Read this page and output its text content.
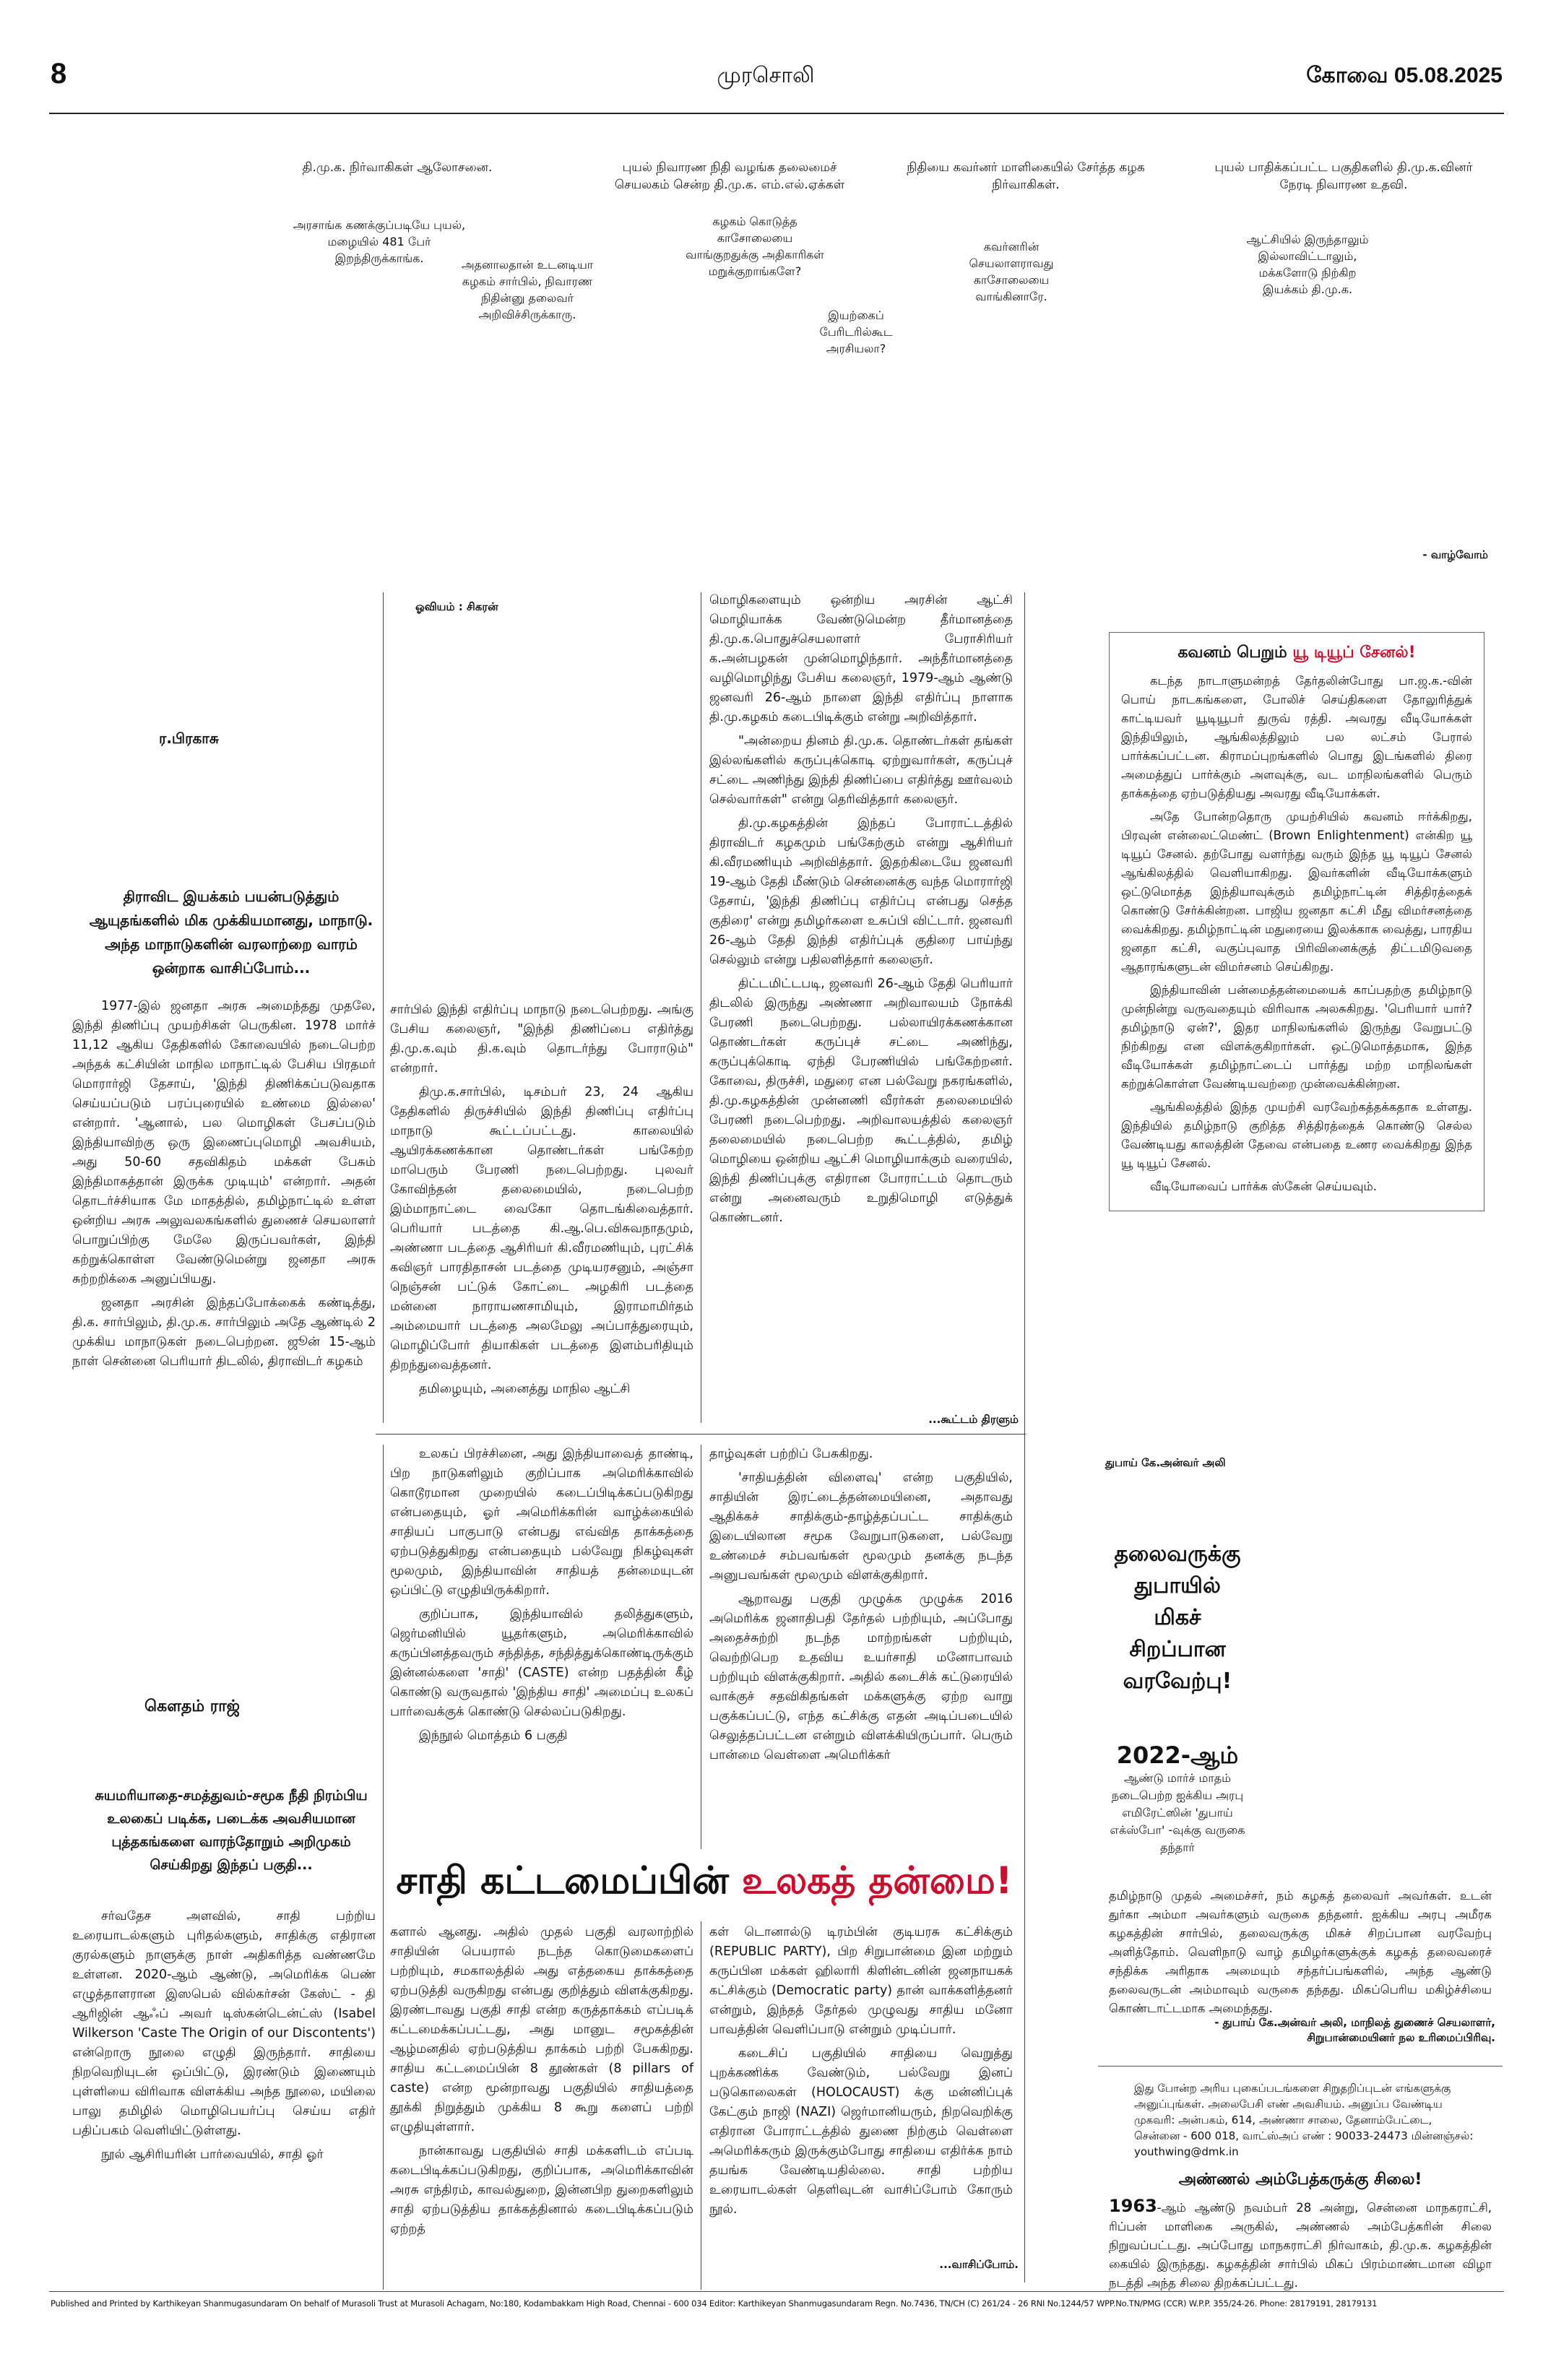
8	முரசொலி	கோவை 05.08.2025
தி.மு.க. நிர்வாகிகள் ஆலோசனை.	புயல் நிவாரண நிதி வழங்க தலைமைச் செயலகம் சென்ற தி.மு.க. எம்.எல்.ஏக்கள்
நிதியை கவர்னர் மாளிகையில் சேர்த்த கழக நிர்வாகிகள்.
புயல் பாதிக்கப்பட்ட பகுதிகளில் தி.மு.க.வினர் நேரடி நிவாரண உதவி.
அரசாங்க கணக்குப்படியே புயல், மழையில் 481 பேர் இறந்திருக்காங்க.	அதனாலதான் உடனடியா கழகம் சார்பில், நிவாரண நிதின்னு தலைவர் அறிவிச்சிருக்காரு.
கழகம் கொடுத்த காசோலையை வாங்குறதுக்கு அதிகாரிகள் மறுக்குறாங்களே?
இயற்கைப் பேரிடரில்கூட அரசியலா?
கவர்னரின் செயலாளராவது காசோலையை வாங்கினாரே.
ஆட்சியில் இருந்தாலும் இல்லாவிட்டாலும், மக்களோடு நிற்கிற இயக்கம் தி.மு.க.
- வாழ்வோம்
ஓவியம் : சிகரன்
ர.பிரகாசு
திராவிட இயக்கம் பயன்படுத்தும் ஆயுதங்களில் மிக முக்கியமானது, மாநாடு. அந்த மாநாடுகளின் வரலாற்றை வாரம் ஒன்றாக வாசிப்போம்...

1977-இல் ஜனதா அரசு அமைந்தது முதலே, இந்தி திணிப்பு முயற்சிகள் பெருகின. 1978 மார்ச் 11,12 ஆகிய தேதிகளில் கோவையில் நடைபெற்ற அந்தக் கட்சியின் மாநில மாநாட்டில் பேசிய பிரதமர் மொரார்ஜி தேசாய், 'இந்தி திணிக்கப்படுவதாக செய்யப்படும் பரப்புரையில் உண்மை இல்லை' என்றார். 'ஆனால், பல மொழிகள் பேசப்படும் இந்தியாவிற்கு ஒரு இணைப்புமொழி அவசியம், அது 50-60 சதவிகிதம் மக்கள் பேசும் இந்திமாகத்தான் இருக்க முடியும்' என்றார். அதன் தொடர்ச்சியாக மே மாதத்தில், தமிழ்நாட்டில் உள்ள ஒன்றிய அரசு அலுவலகங்களில் துணைச் செயலாளர் பொறுப்பிற்கு மேலே இருப்பவர்கள், இந்தி கற்றுக்கொள்ள வேண்டுமென்று ஜனதா அரசு சுற்றறிக்கை அனுப்பியது.

ஜனதா அரசின் இந்தப்போக்கைக் கண்டித்து, தி.க. சார்பிலும், தி.மு.க. சார்பிலும் அதே ஆண்டில் 2 முக்கிய மாநாடுகள் நடைபெற்றன. ஜூன் 15-ஆம் நாள் சென்னை பெரியார் திடலில், திராவிடர் கழகம்

சார்பில் இந்தி எதிர்ப்பு மாநாடு நடைபெற்றது. அங்கு பேசிய கலைஞர், "இந்தி திணிப்பை எதிர்த்து தி.மு.க.வும் தி.க.வும் தொடர்ந்து போராடும்" என்றார்.

திமு.க.சார்பில், டிசம்பர் 23, 24 ஆகிய தேதிகளில் திருச்சியில் இந்தி திணிப்பு எதிர்ப்பு மாநாடு கூட்டப்பட்டது. காலையில் ஆயிரக்கணக்கான தொண்டர்கள் பங்கேற்ற மாபெரும் பேரணி நடைபெற்றது. புலவர் கோவிந்தன் தலைமையில், நடைபெற்ற இம்மாநாட்டை வைகோ தொடங்கிவைத்தார். பெரியார் படத்தை கி.ஆ.பெ.விசுவநாதமும், அண்ணா படத்தை ஆசிரியர் கி.வீரமணியும், புரட்சிக் கவிஞர் பாரதிதாசன் படத்தை முடியரசனும், அஞ்சா நெஞ்சன் பட்டுக் கோட்டை அழகிரி படத்தை மன்னை நாராயணசாமியும், இராமாமிர்தம் அம்மையார் படத்தை அலமேலு அப்பாத்துரையும், மொழிப்போர் தியாகிகள் படத்தை இளம்பரிதியும் திறந்துவைத்தனர்.

தமிழையும், அனைத்து மாநில ஆட்சி

மொழிகளையும் ஒன்றிய அரசின் ஆட்சி மொழியாக்க வேண்டுமென்ற தீர்மானத்தை தி.மு.க.பொதுச்செயலாளர் பேராசிரியர் க.அன்பழகன் முன்மொழிந்தார். அந்தீர்மானத்தை வழிமொழிந்து பேசிய கலைஞர், 1979-ஆம் ஆண்டு ஜனவரி 26-ஆம் நாளை இந்தி எதிர்ப்பு நாளாக தி.மு.கழகம் கடைபிடிக்கும் என்று அறிவித்தார்.

"அன்றைய தினம் தி.மு.க. தொண்டர்கள் தங்கள் இல்லங்களில் கருப்புக்கொடி ஏற்றுவார்கள், கருப்புச் சட்டை அணிந்து இந்தி திணிப்பை எதிர்த்து ஊர்வலம் செல்வார்கள்" என்று தெரிவித்தார் கலைஞர்.

தி.மு.கழகத்தின் இந்தப் போராட்டத்தில் திராவிடர் கழகமும் பங்கேற்கும் என்று ஆசிரியர் கி.வீரமணியும் அறிவித்தார். இதற்கிடையே ஜனவரி 19-ஆம் தேதி மீண்டும் சென்னைக்கு வந்த மொரார்ஜி தேசாய், 'இந்தி திணிப்பு எதிர்ப்பு என்பது செத்த குதிரை' என்று தமிழர்களை உசுப்பி விட்டார். ஜனவரி 26-ஆம் தேதி இந்தி எதிர்ப்புக் குதிரை பாய்ந்து செல்லும் என்று பதிலளித்தார் கலைஞர்.

திட்டமிட்டபடி, ஜனவரி 26-ஆம் தேதி பெரியார் திடலில் இருந்து அண்ணா அறிவாலயம் நோக்கி பேரணி நடைபெற்றது. பல்லாயிரக்கணக்கான தொண்டர்கள் கருப்புச் சட்டை அணிந்து, கருப்புக்கொடி ஏந்தி பேரணியில் பங்கேற்றனர். கோவை, திருச்சி, மதுரை என பல்வேறு நகரங்களில், தி.மு.கழகத்தின் முன்னணி வீரர்கள் தலைமையில் பேரணி நடைபெற்றது. அறிவாலயத்தில் கலைஞர் தலைமையில் நடைபெற்ற கூட்டத்தில், தமிழ் மொழியை ஒன்றிய ஆட்சி மொழியாக்கும் வரையில், இந்தி திணிப்புக்கு எதிரான போராட்டம் தொடரும் என்று அனைவரும் உறுதிமொழி எடுத்துக் கொண்டனர்.

...கூட்டம் திரளும்
கவனம் பெறும் யூ டியூப் சேனல்!

கடந்த நாடாளுமன்றத் தேர்தலின்போது பா.ஜ.க.-வின் பொய் நாடகங்களை, போலிச் செய்திகளை தோலுரித்துக் காட்டியவர் யூடியூபர் துருவ் ரத்தி. அவரது வீடியோக்கள் இந்தியிலும், ஆங்கிலத்திலும் பல லட்சம் பேரால் பார்க்கப்பட்டன. கிராமப்புறங்களில் பொது இடங்களில் திரை அமைத்துப் பார்க்கும் அளவுக்கு, வட மாநிலங்களில் பெரும் தாக்கத்தை ஏற்படுத்தியது அவரது வீடியோக்கள்.

அதே போன்றதொரு முயற்சியில் கவனம் ஈர்க்கிறது, பிரவுன் என்லைட்மெண்ட் (Brown Enlightenment) என்கிற யூ டியூப் சேனல். தற்போது வளர்ந்து வரும் இந்த யூ டியூப் சேனல் ஆங்கிலத்தில் வெளியாகிறது. இவர்களின் வீடியோக்களும் ஒட்டுமொத்த இந்தியாவுக்கும் தமிழ்நாட்டின் சித்திரத்தைக் கொண்டு சேர்க்கின்றன. பாஜிய ஜனதா கட்சி மீது விமர்சனத்தை வைக்கிறது. தமிழ்நாட்டின் மதுரையை இலக்காக வைத்து, பாரதிய ஜனதா கட்சி, வகுப்புவாத பிரிவினைக்குத் திட்டமிடுவதை ஆதாரங்களுடன் விமர்சனம் செய்கிறது.

இந்தியாவின் பன்மைத்தன்மையைக் காப்பதற்கு தமிழ்நாடு முன்நின்று வருவதையும் விரிவாக அலசுகிறது. 'பெரியார் யார்? தமிழ்நாடு ஏன்?', இதர மாநிலங்களில் இருந்து வேறுபட்டு நிற்கிறது என விளக்குகிறார்கள். ஒட்டுமொத்தமாக, இந்த வீடியோக்கள் தமிழ்நாட்டைப் பார்த்து மற்ற மாநிலங்கள் கற்றுக்கொள்ள வேண்டியவற்றை முன்வைக்கின்றன.

ஆங்கிலத்தில் இந்த முயற்சி வரவேற்கத்தக்கதாக உள்ளது. இந்தியில் தமிழ்நாடு குறித்த சித்திரத்தைக் கொண்டு செல்ல வேண்டியது காலத்தின் தேவை என்பதை உணர வைக்கிறது இந்த யூ டியூப் சேனல்.

வீடியோவைப் பார்க்க ஸ்கேன் செய்யவும்.

கௌதம் ராஜ்
சுயமரியாதை-சமத்துவம்-சமூக நீதி நிரம்பிய உலகைப் படிக்க, படைக்க அவசியமான புத்தகங்களை வாரந்தோறும் அறிமுகம் செய்கிறது இந்தப் பகுதி...

சர்வதேச அளவில், சாதி பற்றிய உரையாடல்களும் புரிதல்களும், சாதிக்கு எதிரான குரல்களும் நாளுக்கு நாள் அதிகரித்த வண்ணமே உள்ளன. 2020-ஆம் ஆண்டு, அமெரிக்க பெண் எழுத்தாளரான இஸபெல் வில்கர்சன் கேஸ்ட் - தி ஆரிஜின் ஆஃப் அவர் டிஸ்கன்டென்ட்ஸ் (Isabel Wilkerson 'Caste The Origin of our Discontents') என்றொரு நூலை எழுதி இருந்தார். சாதியை நிறவெறியுடன் ஒப்பிட்டு, இரண்டும் இணையும் புள்ளியை விரிவாக விளக்கிய அந்த நூலை, மயிலை பாலு தமிழில் மொழிபெயர்ப்பு செய்ய எதிர் பதிப்பகம் வெளியிட்டுள்ளது.

நூல் ஆசிரியரின் பார்வையில், சாதி ஓர்

உலகப் பிரச்சினை, அது இந்தியாவைத் தாண்டி, பிற நாடுகளிலும் குறிப்பாக அமெரிக்காவில் கொடூரமான முறையில் கடைப்பிடிக்கப்படுகிறது என்பதையும், ஓர் அமெரிக்கரின் வாழ்க்கையில் சாதியப் பாகுபாடு என்பது எவ்வித தாக்கத்தை ஏற்படுத்துகிறது என்பதையும் பல்வேறு நிகழ்வுகள் மூலமும், இந்தியாவின் சாதியத் தன்மையுடன் ஒப்பிட்டு எழுதியிருக்கிறார்.

குறிப்பாக, இந்தியாவில் தலித்துகளும், ஜெர்மனியில் யூதர்களும், அமெரிக்காவில் கருப்பினத்தவரும் சந்தித்த, சந்தித்துக்கொண்டிருக்கும் இன்னல்களை 'சாதி' (CASTE) என்ற பதத்தின் கீழ் கொண்டு வருவதால் 'இந்திய சாதி' அமைப்பு உலகப் பார்வைக்குக் கொண்டு செல்லப்படுகிறது.

இந்நூல் மொத்தம் 6 பகுதி

தாழ்வுகள் பற்றிப் பேசுகிறது.

'சாதியத்தின் விளைவு' என்ற பகுதியில், சாதியின் இரட்டைத்தன்மையினை, அதாவது ஆதிக்கச் சாதிக்கும்-தாழ்த்தப்பட்ட சாதிக்கும் இடையிலான சமூக வேறுபாடுகளை, பல்வேறு உண்மைச் சம்பவங்கள் மூலமும் தனக்கு நடந்த அனுபவங்கள் மூலமும் விளக்குகிறார்.

ஆறாவது பகுதி முழுக்க முழுக்க 2016 அமெரிக்க ஜனாதிபதி தேர்தல் பற்றியும், அப்போது அதைச்சுற்றி நடந்த மாற்றங்கள் பற்றியும், வெற்றிபெற உதவிய உயர்சாதி மனோபாவம் பற்றியும் விளக்குகிறார். அதில் கடைசிக் கட்டுரையில் வாக்குச் சதவிகிதங்கள் மக்களுக்கு ஏற்ற வாறு பகுக்கப்பட்டு, எந்த கட்சிக்கு எதன் அடிப்படையில் செலுத்தப்பட்டன என்றும் விளக்கியிருப்பார். பெரும் பான்மை வெள்ளை அமெரிக்கர்

சாதி கட்டமைப்பின் உலகத் தன்மை!

களால் ஆனது. அதில் முதல் பகுதி வரலாற்றில் சாதியின் பெயரால் நடந்த கொடுமைகளைப் பற்றியும், சமகாலத்தில் அது எத்தகைய தாக்கத்தை ஏற்படுத்தி வருகிறது என்பது குறித்தும் விளக்குகிறது. இரண்டாவது பகுதி சாதி என்ற கருத்தாக்கம் எப்படிக் கட்டமைக்கப்பட்டது, அது மானுட சமூகத்தின் ஆழ்மனதில் ஏற்படுத்திய தாக்கம் பற்றி பேசுகிறது. சாதிய கட்டமைப்பின் 8 தூண்கள் (8 pillars of caste) என்ற மூன்றாவது பகுதியில் சாதியத்தை தூக்கி நிறுத்தும் முக்கிய 8 கூறு களைப் பற்றி எழுதியுள்ளார்.

நான்காவது பகுதியில் சாதி மக்களிடம் எப்படி கடைபிடிக்கப்படுகிறது, குறிப்பாக, அமெரிக்காவின் அரசு எந்திரம், காவல்துறை, இன்னபிற துறைகளிலும் சாதி ஏற்படுத்திய தாக்கத்தினால் கடைபிடிக்கப்படும் ஏற்றத்

கள் டொனால்டு டிரம்பின் குடியரசு கட்சிக்கும் (REPUBLIC PARTY), பிற சிறுபான்மை இன மற்றும் கருப்பின மக்கள் ஹிலாரி கிளின்டனின் ஜனநாயகக் கட்சிக்கும் (Democratic party) தான் வாக்களித்தனர் என்றும், இந்தத் தேர்தல் முழுவது சாதிய மனோ பாவத்தின் வெளிப்பாடு என்றும் முடிப்பார்.

கடைசிப் பகுதியில் சாதியை வெறுத்து புறக்கணிக்க வேண்டும், பல்வேறு இனப் படுகொலைகள் (HOLOCAUST) க்கு மன்னிப்புக் கேட்கும் நாஜி (NAZI) ஜெர்மானியரும், நிறவெறிக்கு எதிரான போராட்டத்தில் துணை நிற்கும் வெள்ளை அமெரிக்கரும் இருக்கும்போது சாதியை எதிர்க்க நாம் தயங்க வேண்டியதில்லை. சாதி பற்றிய உரையாடல்கள் தெளிவுடன் வாசிப்போம் கோரும் நூல்.

...வாசிப்போம்.
துபாய் கே.அன்வர் அலி
தலைவருக்கு துபாயில் மிகச் சிறப்பான வரவேற்பு!
2022-ஆம்
ஆண்டு மார்ச் மாதம் நடைபெற்ற ஐக்கிய அரபு எமிரேட்ஸின் 'துபாய் எக்ஸ்போ' -வுக்கு வருகை தந்தார்

தமிழ்நாடு முதல் அமைச்சர், நம் கழகத் தலைவர் அவர்கள். உடன் துர்கா அம்மா அவர்களும் வருகை தந்தனர். ஐக்கிய அரபு அமீரக கழகத்தின் சார்பில், தலைவருக்கு மிகச் சிறப்பான வரவேற்பு அளித்தோம். வெளிநாடு வாழ் தமிழர்களுக்குக் கழகத் தலைவரைச் சந்திக்க அரிதாக அமையும் சந்தர்ப்பங்களில், அந்த ஆண்டு தலைவருடன் அம்மாவும் வருகை தந்தது. மிகப்பெரிய மகிழ்ச்சியை கொண்டாட்டமாக அமைந்தது.

- துபாய் கே.அன்வர் அலி, மாநிலத் துணைச் செயலாளர்,
சிறுபான்மையினர் நல உரிமைப்பிரிவு.
இது போன்ற அரிய புகைப்படங்களை சிறுதறிப்புடன் எங்களுக்கு அனுப்புங்கள். அலைபேசி எண் அவசியம். அனுப்ப வேண்டிய முகவரி: அன்பகம், 614, அண்ணா சாலை, தேனாம்பேட்டை, சென்னை - 600 018, வாட்ஸ்அப் எண் : 90033-24473 மின்னஞ்சல்: youthwing@dmk.in
அண்ணல் அம்பேத்கருக்கு சிலை!

1963-ஆம் ஆண்டு நவம்பர் 28 அன்று, சென்னை மாநகராட்சி, ரிப்பன் மாளிகை அருகில், அண்ணல் அம்பேத்கரின் சிலை நிறுவப்பட்டது. அப்போது மாநகராட்சி நிர்வாகம், தி.மு.க. கழகத்தின் கையில் இருந்தது. கழகத்தின் சார்பில் மிகப் பிரம்மாண்டமான விழா நடத்தி அந்த சிலை திறக்கப்பட்டது.

Published and Printed by Karthikeyan Shanmugasundaram On behalf of Murasoli Trust at Murasoli Achagam, No:180, Kodambakkam High Road, Chennai - 600 034 Editor: Karthikeyan Shanmugasundaram Regn. No.7436, TN/CH (C) 261/24 - 26 RNI No.1244/57 WPP.No.TN/PMG (CCR) W.P.P. 355/24-26. Phone: 28179191, 28179131
